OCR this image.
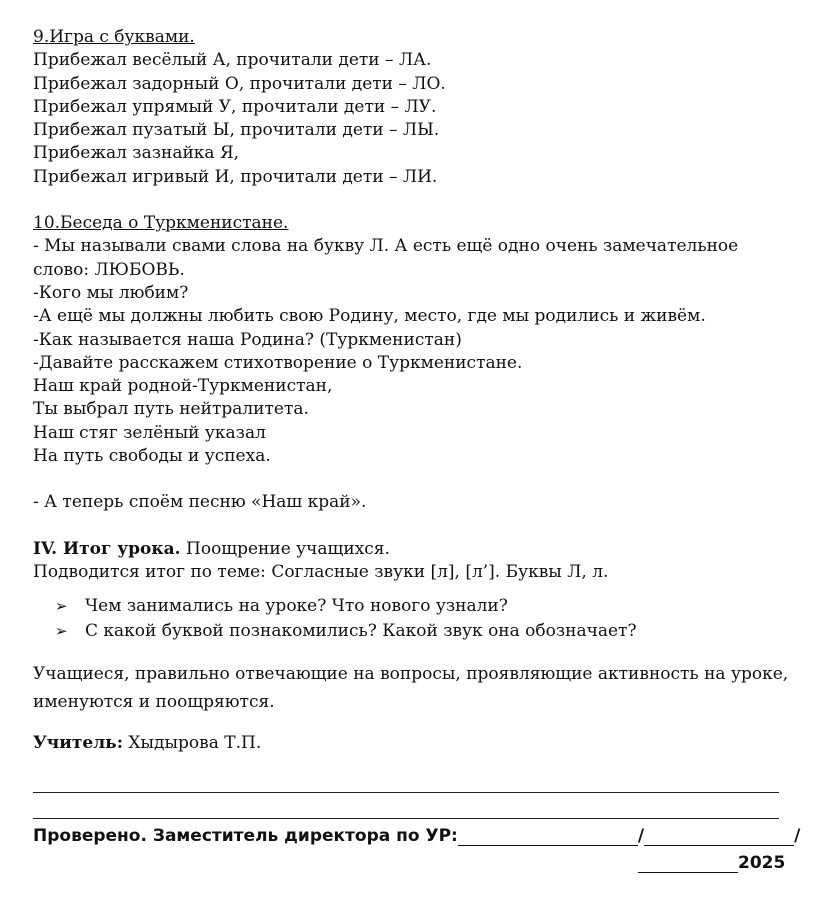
9.Игра с буквами.
Прибежал весёлый А, прочитали дети – ЛА.
Прибежал задорный О, прочитали дети – ЛО.
Прибежал упрямый У, прочитали дети – ЛУ.
Прибежал пузатый Ы, прочитали дети – ЛЫ.
Прибежал зазнайка Я,
Прибежал игривый И, прочитали дети – ЛИ.
10.Беседа о Туркменистане.
- Мы называли свами слова на букву Л. А есть ещё одно очень замечательное
слово: ЛЮБОВЬ.
-Кого мы любим?
-А ещё мы должны любить свою Родину, место, где мы родились и живём.
-Как называется наша Родина? (Туркменистан)
-Давайте расскажем стихотворение о Туркменистане.
Наш край родной-Туркменистан,
Ты выбрал путь нейтралитета.
Наш стяг зелёный указал
На путь свободы и успеха.
- А теперь споём песню «Наш край».
IV. Итог урока. Поощрение учащихся.
Подводится итог по теме: Согласные звуки [л], [л’]. Буквы Л, л.
➢ Чем занимались на уроке? Что нового узнали?
➢ С какой буквой познакомились? Какой звук она обозначает?
Учащиеся, правильно отвечающие на вопросы, проявляющие активность на уроке, именуются и поощряются.
Учитель: Хыдырова Т.П.
Проверено. Заместитель директора по УР:	/	/
2025
